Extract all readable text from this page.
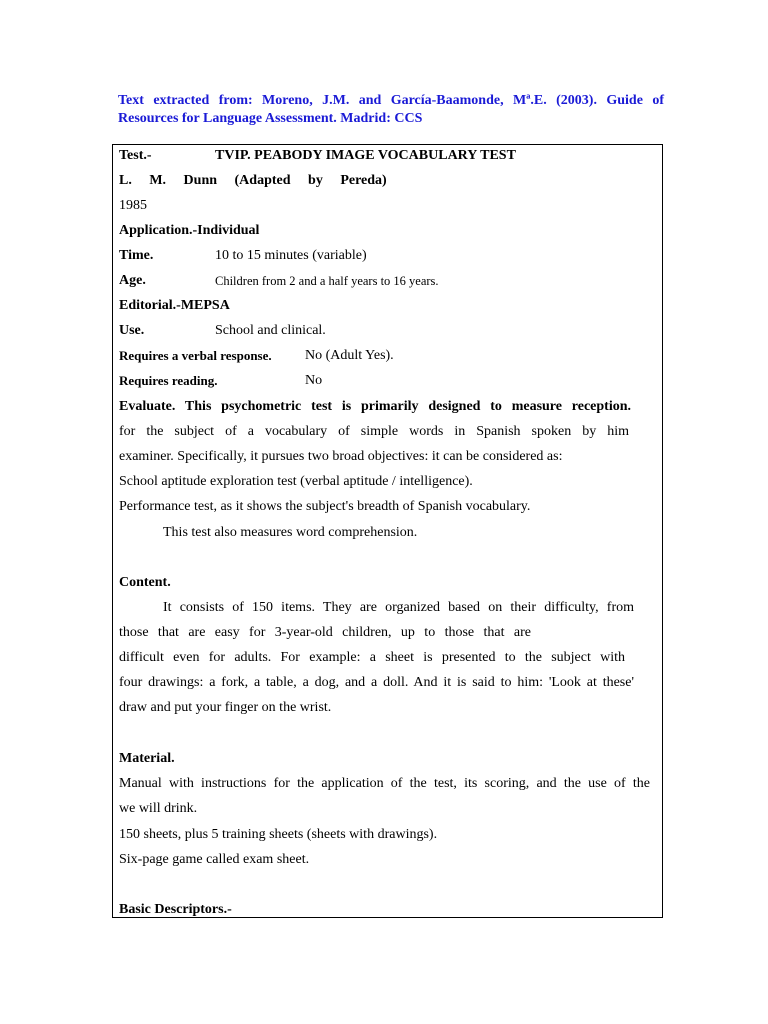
Text extracted from: Moreno, J.M. and García-Baamonde, Mª.E. (2003). Guide of Resources for Language Assessment. Madrid: CCS
Test.-	TVIP. PEABODY IMAGE VOCABULARY TEST
L. M. Dunn (Adapted by Pereda)
1985
Application.-Individual
Time.	10 to 15 minutes (variable)
Age.	Children from 2 and a half years to 16 years.
Editorial.-MEPSA
Use.	School and clinical.
Requires a verbal response. No (Adult Yes).
Requires reading.	No
Evaluate. This psychometric test is primarily designed to measure reception.
for the subject of a vocabulary of simple words in Spanish spoken by him
examiner. Specifically, it pursues two broad objectives: it can be considered as:
School aptitude exploration test (verbal aptitude / intelligence).
Performance test, as it shows the subject's breadth of Spanish vocabulary.
This test also measures word comprehension.
Content.
It consists of 150 items. They are organized based on their difficulty, from
those that are easy for 3-year-old children, up to those that are
difficult even for adults. For example: a sheet is presented to the subject with
four drawings: a fork, a table, a dog, and a doll. And it is said to him: 'Look at these'
draw and put your finger on the wrist.
Material.
Manual with instructions for the application of the test, its scoring, and the use of the
we will drink.
150 sheets, plus 5 training sheets (sheets with drawings).
Six-page game called exam sheet.
Basic Descriptors.-
